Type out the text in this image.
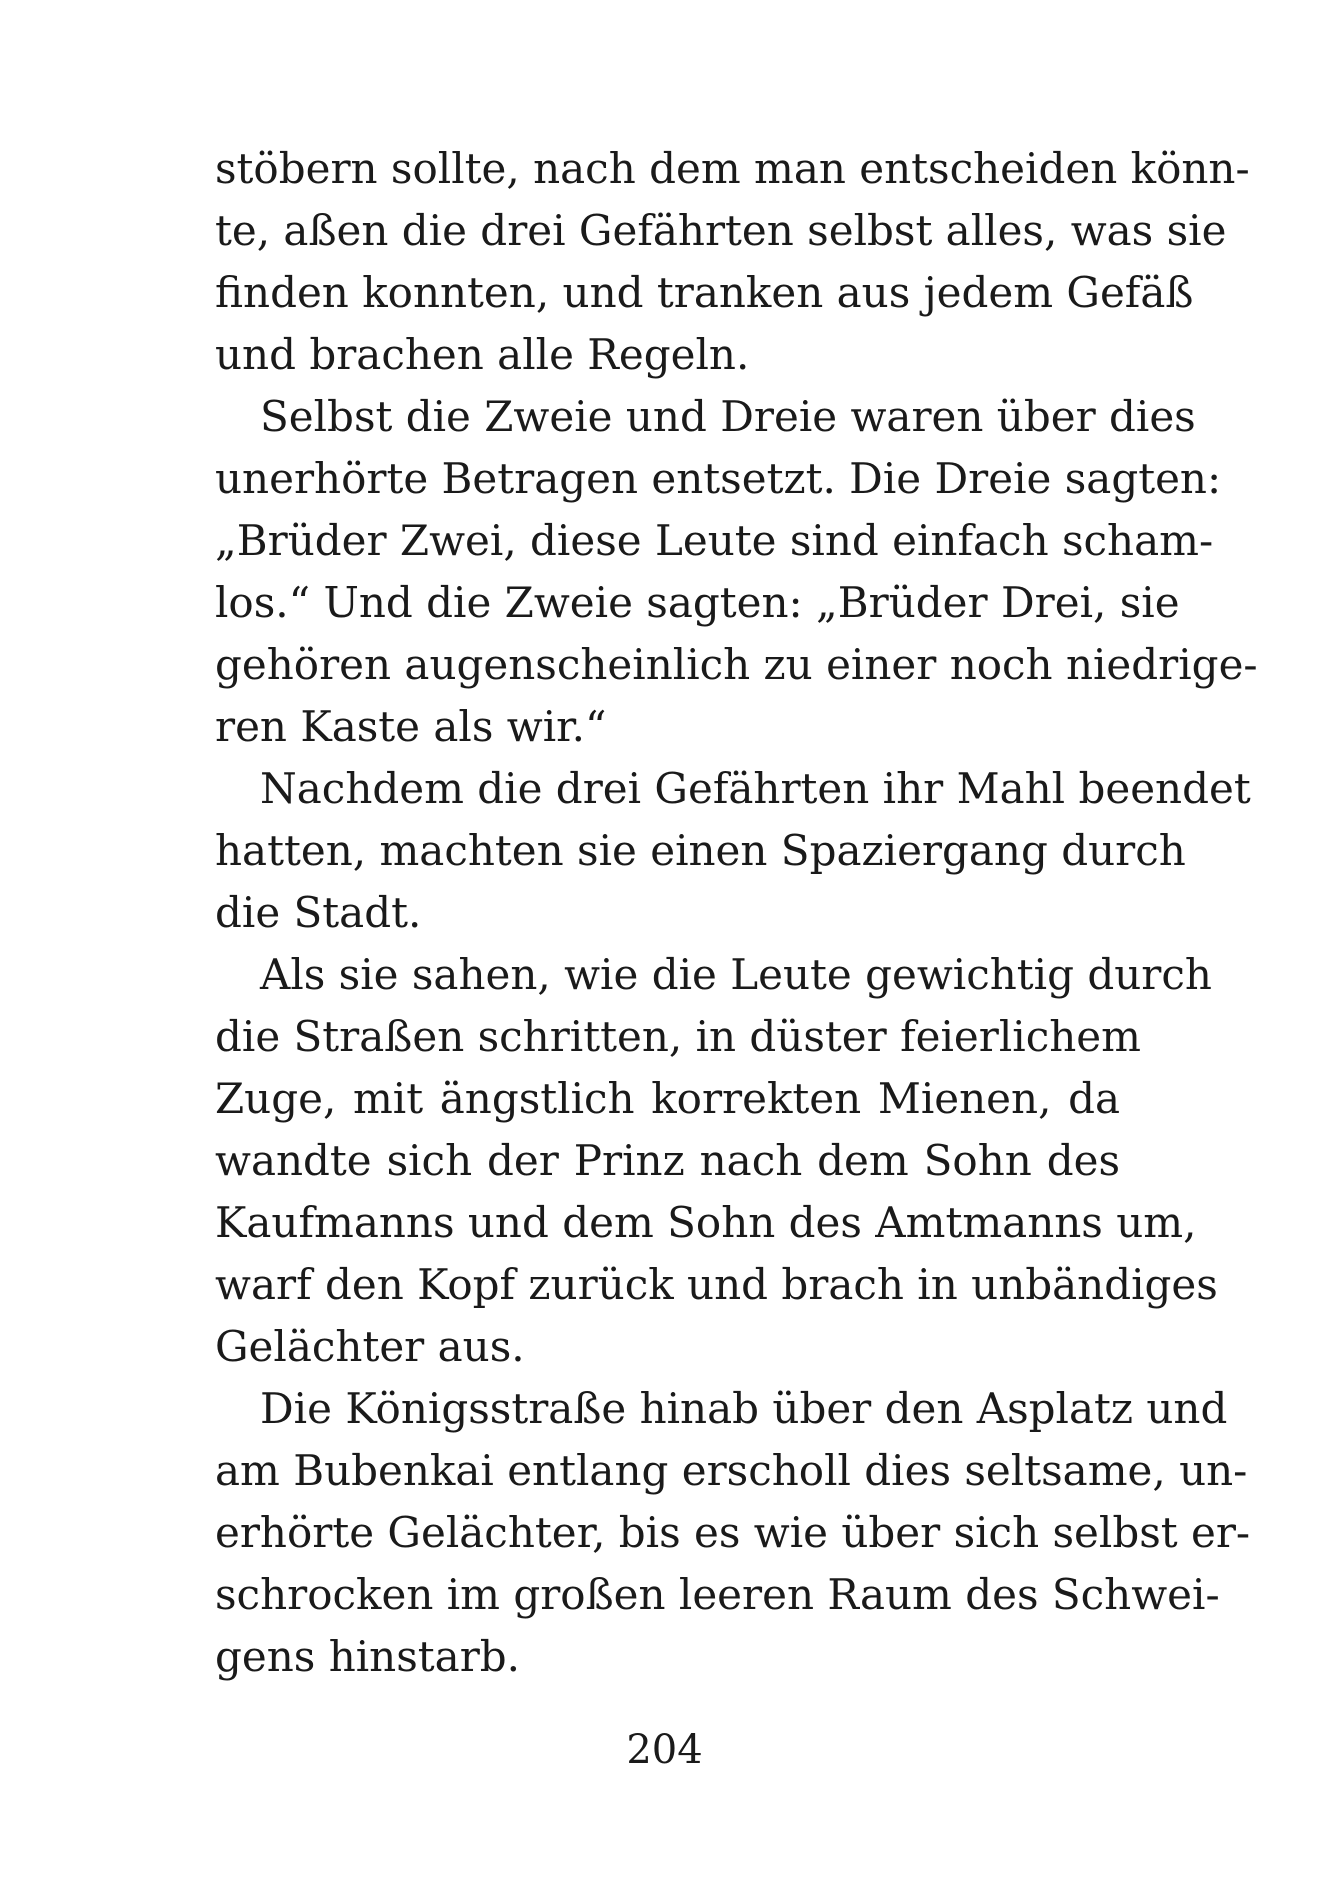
stöbern sollte, nach dem man entscheiden könn-
te, aßen die drei Gefährten selbst alles, was sie
finden konnten, und tranken aus jedem Gefäß
und brachen alle Regeln.
Selbst die Zweie und Dreie waren über dies
unerhörte Betragen entsetzt. Die Dreie sagten:
„Brüder Zwei, diese Leute sind einfach scham-
los.“ Und die Zweie sagten: „Brüder Drei, sie
gehören augenscheinlich zu einer noch niedrige-
ren Kaste als wir.“
Nachdem die drei Gefährten ihr Mahl beendet
hatten, machten sie einen Spaziergang durch
die Stadt.
Als sie sahen, wie die Leute gewichtig durch
die Straßen schritten, in düster feierlichem
Zuge, mit ängstlich korrekten Mienen, da
wandte sich der Prinz nach dem Sohn des
Kaufmanns und dem Sohn des Amtmanns um,
warf den Kopf zurück und brach in unbändiges
Gelächter aus.
Die Königsstraße hinab über den Asplatz und
am Bubenkai entlang erscholl dies seltsame, un-
erhörte Gelächter, bis es wie über sich selbst er-
schrocken im großen leeren Raum des Schwei-
gens hinstarb.
204
